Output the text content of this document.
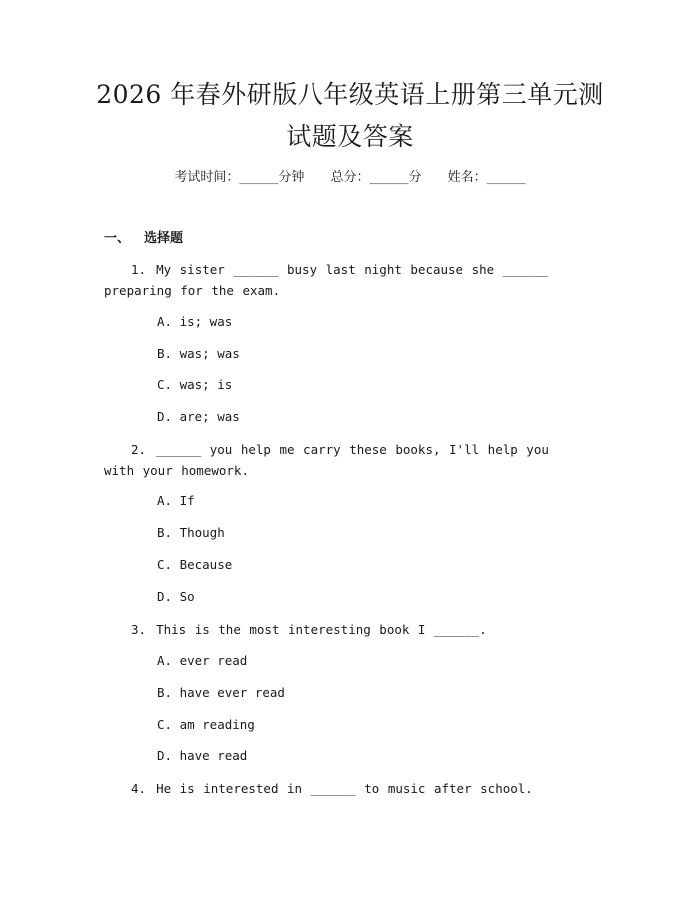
2026 年春外研版八年级英语上册第三单元测
试题及答案
考试时间：______分钟 总分：______分 姓名：______
一、 选择题
1. My sister ______ busy last night because she ______ preparing for the exam.
A. is; was
B. was; was
C. was; is
D. are; was
2. ______ you help me carry these books, I'll help you with your homework.
A. If
B. Though
C. Because
D. So
3. This is the most interesting book I ______.
A. ever read
B. have ever read
C. am reading
D. have read
4. He is interested in ______ to music after school.
